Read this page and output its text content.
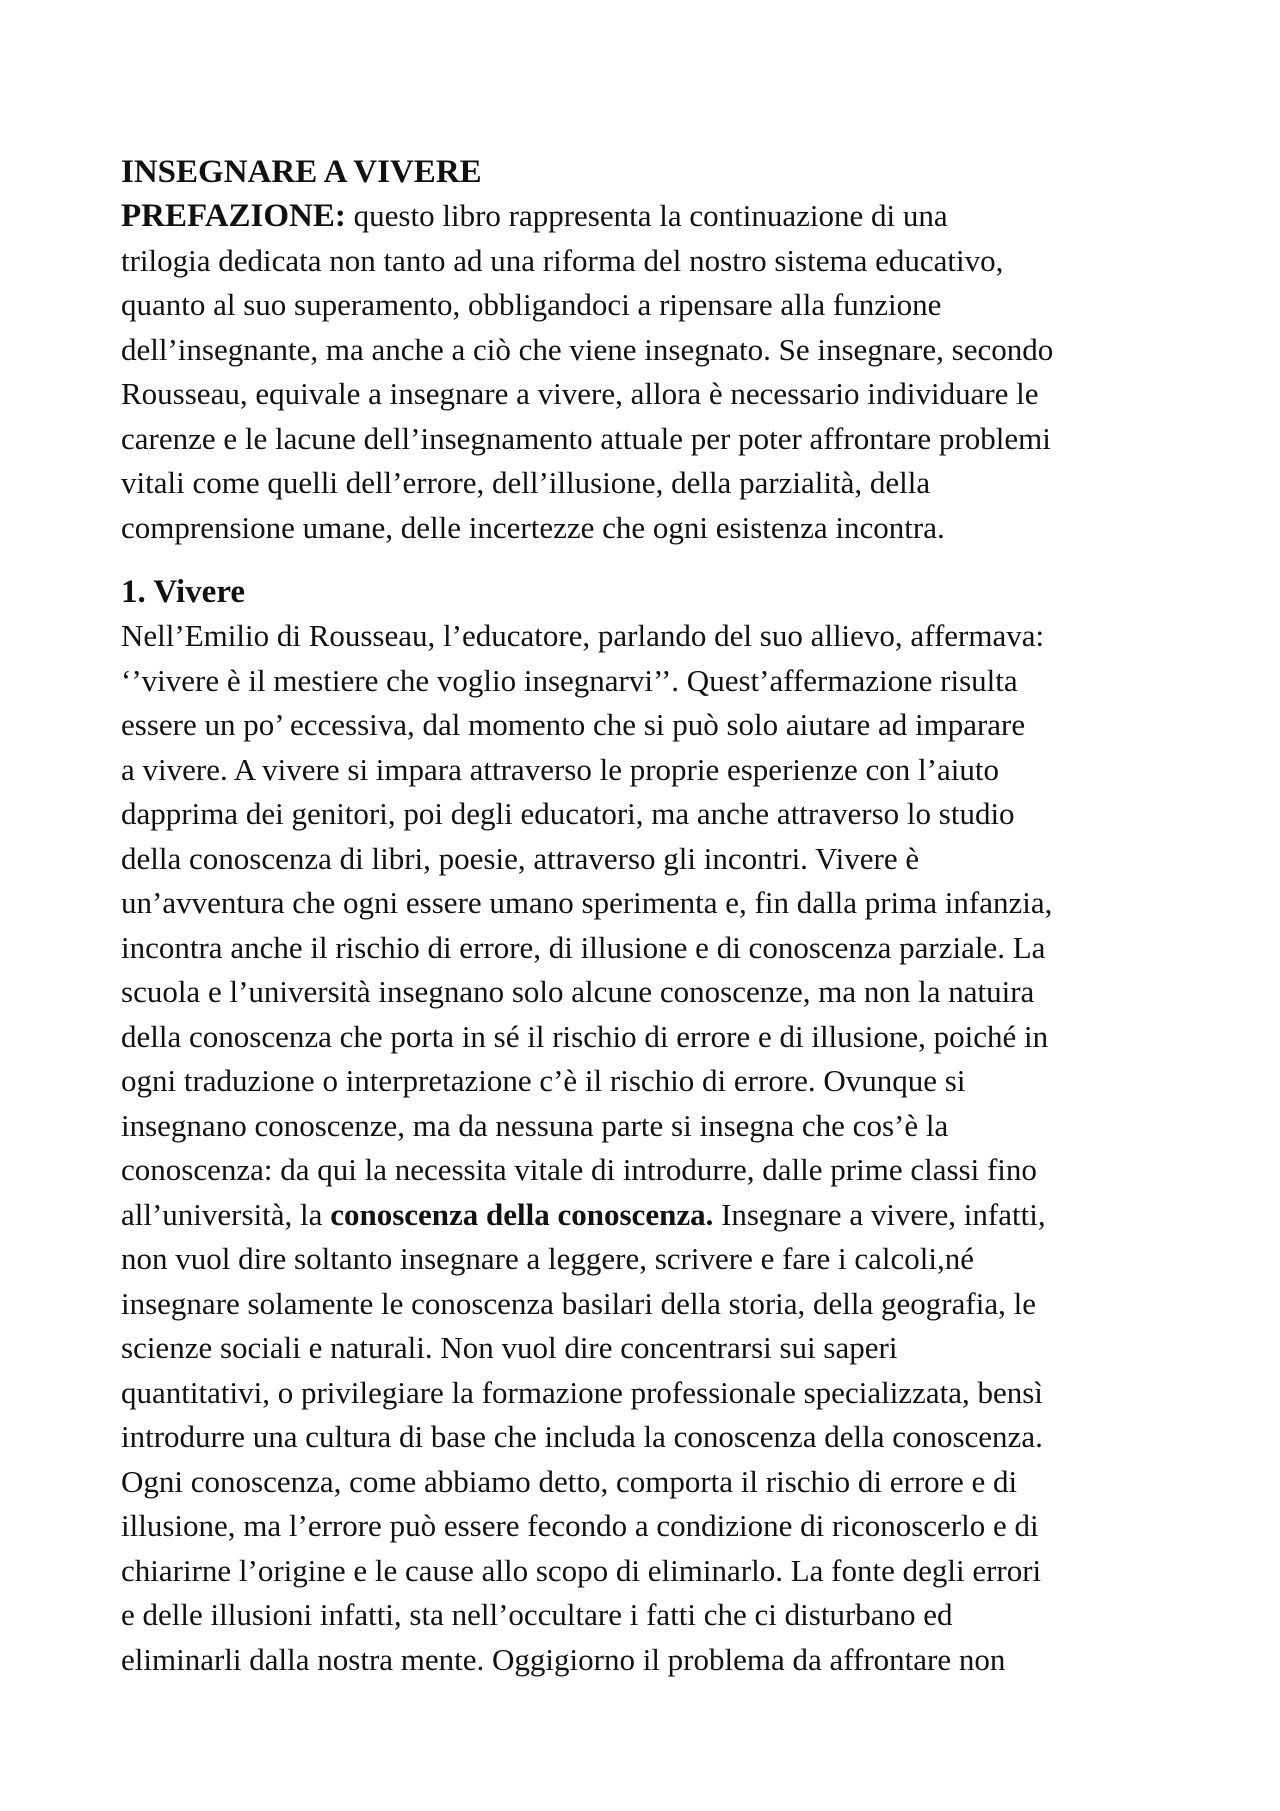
INSEGNARE A VIVERE
PREFAZIONE: questo libro rappresenta la continuazione di una
trilogia dedicata non tanto ad una riforma del nostro sistema educativo,
quanto al suo superamento, obbligandoci a ripensare alla funzione
dell’insegnante, ma anche a ciò che viene insegnato. Se insegnare, secondo
Rousseau, equivale a insegnare a vivere, allora è necessario individuare le
carenze e le lacune dell’insegnamento attuale per poter affrontare problemi
vitali come quelli dell’errore, dell’illusione, della parzialità, della
comprensione umane, delle incertezze che ogni esistenza incontra.
1. Vivere
Nell’Emilio di Rousseau, l’educatore, parlando del suo allievo, affermava:
‘’vivere è il mestiere che voglio insegnarvi’’. Quest’affermazione risulta
essere un po’ eccessiva, dal momento che si può solo aiutare ad imparare
a vivere. A vivere si impara attraverso le proprie esperienze con l’aiuto
dapprima dei genitori, poi degli educatori, ma anche attraverso lo studio
della conoscenza di libri, poesie, attraverso gli incontri. Vivere è
un’avventura che ogni essere umano sperimenta e, fin dalla prima infanzia,
incontra anche il rischio di errore, di illusione e di conoscenza parziale. La
scuola e l’università insegnano solo alcune conoscenze, ma non la natuira
della conoscenza che porta in sé il rischio di errore e di illusione, poiché in
ogni traduzione o interpretazione c’è il rischio di errore. Ovunque si
insegnano conoscenze, ma da nessuna parte si insegna che cos’è la
conoscenza: da qui la necessita vitale di introdurre, dalle prime classi fino
all’università, la conoscenza della conoscenza. Insegnare a vivere, infatti,
non vuol dire soltanto insegnare a leggere, scrivere e fare i calcoli,né
insegnare solamente le conoscenza basilari della storia, della geografia, le
scienze sociali e naturali. Non vuol dire concentrarsi sui saperi
quantitativi, o privilegiare la formazione professionale specializzata, bensì
introdurre una cultura di base che includa la conoscenza della conoscenza.
Ogni conoscenza, come abbiamo detto, comporta il rischio di errore e di
illusione, ma l’errore può essere fecondo a condizione di riconoscerlo e di
chiarirne l’origine e le cause allo scopo di eliminarlo. La fonte degli errori
e delle illusioni infatti, sta nell’occultare i fatti che ci disturbano ed
eliminarli dalla nostra mente. Oggigiorno il problema da affrontare non
